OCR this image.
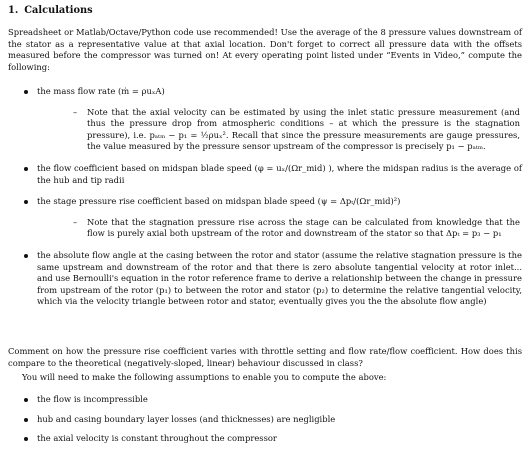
1. Calculations
Spreadsheet or Matlab/Octave/Python code use recommended! Use the average of the 8 pressure values downstream of the stator as a representative value at that axial location. Don't forget to correct all pressure data with the offsets measured before the compressor was turned on! At every operating point listed under “Events in Video,” compute the following:
the mass flow rate (ṁ = ρuₓA)
– Note that the axial velocity can be estimated by using the inlet static pressure measurement (and thus the pressure drop from atmospheric conditions – at which the pressure is the stagnation pressure), i.e. pₐₜₘ − p₁ = ½ρuₓ². Recall that since the pressure measurements are gauge pressures, the value measured by the pressure sensor upstream of the compressor is precisely p₁ − pₐₜₘ.
the flow coefficient based on midspan blade speed (φ = uₓ/(Ωr_mid) ), where the midspan radius is the average of the hub and tip radii
the stage pressure rise coefficient based on midspan blade speed (ψ = Δpₜ/(Ωr_mid)²)
– Note that the stagnation pressure rise across the stage can be calculated from knowledge that the flow is purely axial both upstream of the rotor and downstream of the stator so that Δpₜ = p₃ − p₁
the absolute flow angle at the casing between the rotor and stator (assume the relative stagnation pressure is the same upstream and downstream of the rotor and that there is zero absolute tangential velocity at rotor inlet... and use Bernoulli's equation in the rotor reference frame to derive a relationship between the change in pressure from upstream of the rotor (p₁) to between the rotor and stator (p₂) to determine the relative tangential velocity, which via the velocity triangle between rotor and stator, eventually gives you the the absolute flow angle)
Comment on how the pressure rise coefficient varies with throttle setting and flow rate/flow coefficient. How does this compare to the theoretical (negatively-sloped, linear) behaviour discussed in class?
You will need to make the following assumptions to enable you to compute the above:
the flow is incompressible
hub and casing boundary layer losses (and thicknesses) are negligible
the axial velocity is constant throughout the compressor
